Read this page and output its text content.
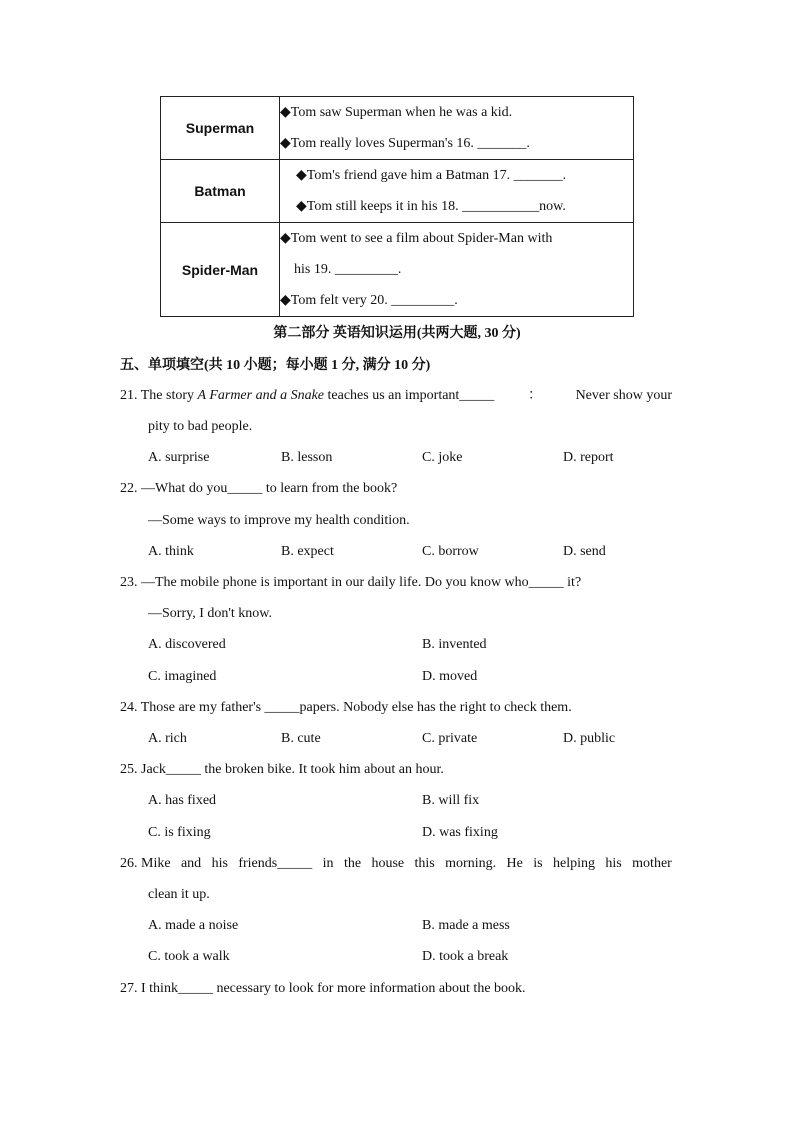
Superman	◆Tom saw Superman when he was a kid.
◆Tom really loves Superman's 16. _______.

Batman	◆Tom's friend gave him a Batman 17. _______.
◆Tom still keeps it in his 18. ___________now.

Spider-Man	◆Tom went to see a film about Spider-Man with
his 19. _________.
◆Tom felt very 20. _________.
第二部分 英语知识运用(共两大题, 30 分)
五、单项填空(共 10 小题；每小题 1 分, 满分 10 分)
21. The story A Farmer and a Snake teaches us an important_____ ： Never show your
pity to bad people.
A. surprise	B. lesson	C. joke	D. report
22. —What do you_____ to learn from the book?
—Some ways to improve my health condition.
A. think	B. expect	C. borrow	D. send
23. —The mobile phone is important in our daily life. Do you know who_____ it?
—Sorry, I don't know.
A. discovered	B. invented
C. imagined	D. moved
24. Those are my father's _____papers. Nobody else has the right to check them.
A. rich	B. cute	C. private	D. public
25. Jack_____ the broken bike. It took him about an hour.
A. has fixed	B. will fix
C. is fixing	D. was fixing
26. Mike and his friends_____ in the house this morning. He is helping his mother
clean it up.
A. made a noise	B. made a mess
C. took a walk	D. took a break
27. I think_____ necessary to look for more information about the book.
